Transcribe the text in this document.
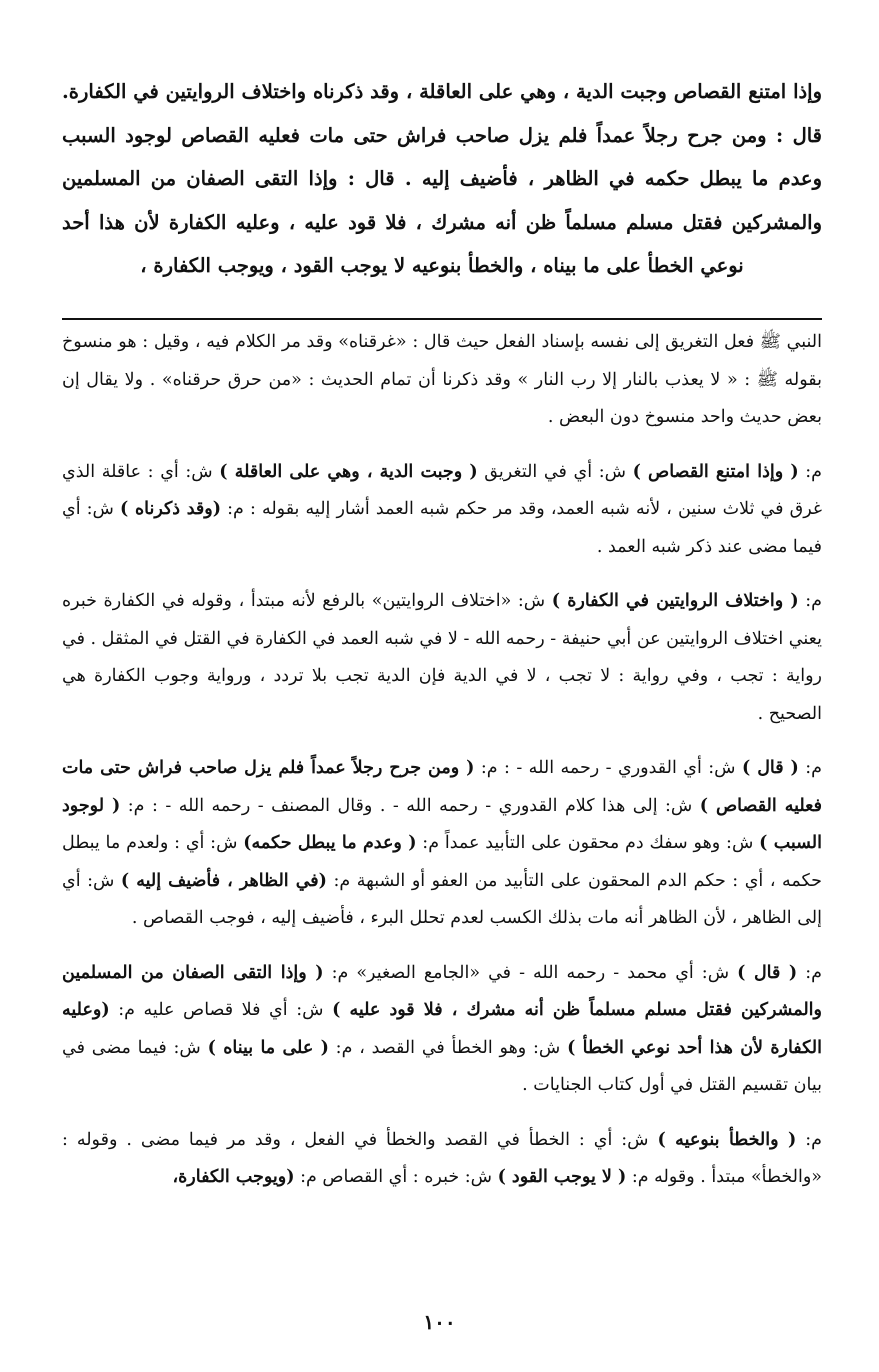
وإذا امتنع القصاص وجبت الدية ، وهي على العاقلة ، وقد ذكرناه واختلاف الروايتين في الكفارة. قال : ومن جرح رجلاً عمداً فلم يزل صاحب فراش حتى مات فعليه القصاص لوجود السبب وعدم ما يبطل حكمه في الظاهر ، فأضيف إليه . قال : وإذا التقى الصفان من المسلمين والمشركين فقتل مسلم مسلماً ظن أنه مشرك ، فلا قود عليه ، وعليه الكفارة لأن هذا أحد نوعي الخطأ على ما بيناه ، والخطأ بنوعيه لا يوجب القود ، ويوجب الكفارة ،

النبي ﷺ فعل التغريق إلى نفسه بإسناد الفعل حيث قال : «غرقناه» وقد مر الكلام فيه ، وقيل : هو منسوخ بقوله ﷺ : « لا يعذب بالنار إلا رب النار » وقد ذكرنا أن تمام الحديث : «من حرق حرقناه» . ولا يقال إن بعض حديث واحد منسوخ دون البعض .

م: ( وإذا امتنع القصاص ) ش: أي في التغريق ( وجبت الدية ، وهي على العاقلة ) ش: أي : عاقلة الذي غرق في ثلاث سنين ، لأنه شبه العمد، وقد مر حكم شبه العمد أشار إليه بقوله : م: (وقد ذكرناه ) ش: أي فيما مضى عند ذكر شبه العمد .

م: ( واختلاف الروايتين في الكفارة ) ش: «اختلاف الروايتين» بالرفع لأنه مبتدأ ، وقوله في الكفارة خبره يعني اختلاف الروايتين عن أبي حنيفة - رحمه الله - لا في شبه العمد في الكفارة في القتل في المثقل . في رواية : تجب ، وفي رواية : لا تجب ، لا في الدية فإن الدية تجب بلا تردد ، ورواية وجوب الكفارة هي الصحيح .

م: ( قال ) ش: أي القدوري - رحمه الله - : م: ( ومن جرح رجلاً عمداً فلم يزل صاحب فراش حتى مات فعليه القصاص ) ش: إلى هذا كلام القدوري - رحمه الله - . وقال المصنف - رحمه الله - : م: ( لوجود السبب ) ش: وهو سفك دم محقون على التأبيد عمداً م: ( وعدم ما يبطل حكمه) ش: أي : ولعدم ما يبطل حكمه ، أي : حكم الدم المحقون على التأبيد من العفو أو الشبهة م: (في الظاهر ، فأضيف إليه ) ش: أي إلى الظاهر ، لأن الظاهر أنه مات بذلك الكسب لعدم تحلل البرء ، فأضيف إليه ، فوجب القصاص .

م: ( قال ) ش: أي محمد - رحمه الله - في «الجامع الصغير» م: ( وإذا التقى الصفان من المسلمين والمشركين فقتل مسلم مسلماً ظن أنه مشرك ، فلا قود عليه ) ش: أي فلا قصاص عليه م: (وعليه الكفارة لأن هذا أحد نوعي الخطأ ) ش: وهو الخطأ في القصد ، م: ( على ما بيناه ) ش: فيما مضى في بيان تقسيم القتل في أول كتاب الجنايات .

م: ( والخطأ بنوعيه ) ش: أي : الخطأ في القصد والخطأ في الفعل ، وقد مر فيما مضى . وقوله : «والخطأ» مبتدأ . وقوله م: ( لا يوجب القود ) ش: خبره : أي القصاص م: (ويوجب الكفارة،

١٠٠
